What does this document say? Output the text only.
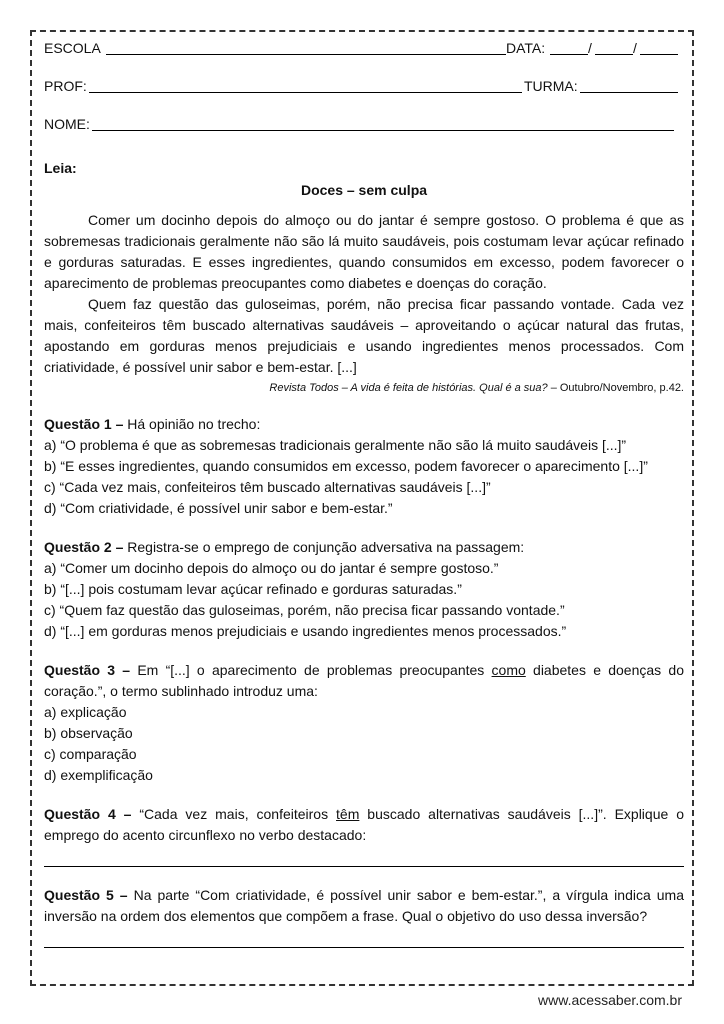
ESCOLA	DATA:	/	/
PROF:	TURMA:
NOME:
Leia:
Doces – sem culpa

Comer um docinho depois do almoço ou do jantar é sempre gostoso. O problema é que as sobremesas tradicionais geralmente não são lá muito saudáveis, pois costumam levar açúcar refinado e gorduras saturadas. E esses ingredientes, quando consumidos em excesso, podem favorecer o aparecimento de problemas preocupantes como diabetes e doenças do coração.

Quem faz questão das guloseimas, porém, não precisa ficar passando vontade. Cada vez mais, confeiteiros têm buscado alternativas saudáveis – aproveitando o açúcar natural das frutas, apostando em gorduras menos prejudiciais e usando ingredientes menos processados. Com criatividade, é possível unir sabor e bem-estar. [...]

Revista Todos – A vida é feita de histórias. Qual é a sua? – Outubro/Novembro, p.42.

Questão 1 – Há opinião no trecho:

a) “O problema é que as sobremesas tradicionais geralmente não são lá muito saudáveis [...]”
b) “E esses ingredientes, quando consumidos em excesso, podem favorecer o aparecimento [...]”
c) “Cada vez mais, confeiteiros têm buscado alternativas saudáveis [...]”
d) “Com criatividade, é possível unir sabor e bem-estar.”

Questão 2 – Registra-se o emprego de conjunção adversativa na passagem:

a) “Comer um docinho depois do almoço ou do jantar é sempre gostoso.”
b) “[...] pois costumam levar açúcar refinado e gorduras saturadas.”
c) “Quem faz questão das guloseimas, porém, não precisa ficar passando vontade.”
d) “[...] em gorduras menos prejudiciais e usando ingredientes menos processados.”

Questão 3 – Em “[...] o aparecimento de problemas preocupantes como diabetes e doenças do coração.”, o termo sublinhado introduz uma:

a) explicação
b) observação
c) comparação
d) exemplificação

Questão 4 – “Cada vez mais, confeiteiros têm buscado alternativas saudáveis [...]”. Explique o emprego do acento circunflexo no verbo destacado:

Questão 5 – Na parte “Com criatividade, é possível unir sabor e bem-estar.”, a vírgula indica uma inversão na ordem dos elementos que compõem a frase. Qual o objetivo do uso dessa inversão?

www.acessaber.com.br
